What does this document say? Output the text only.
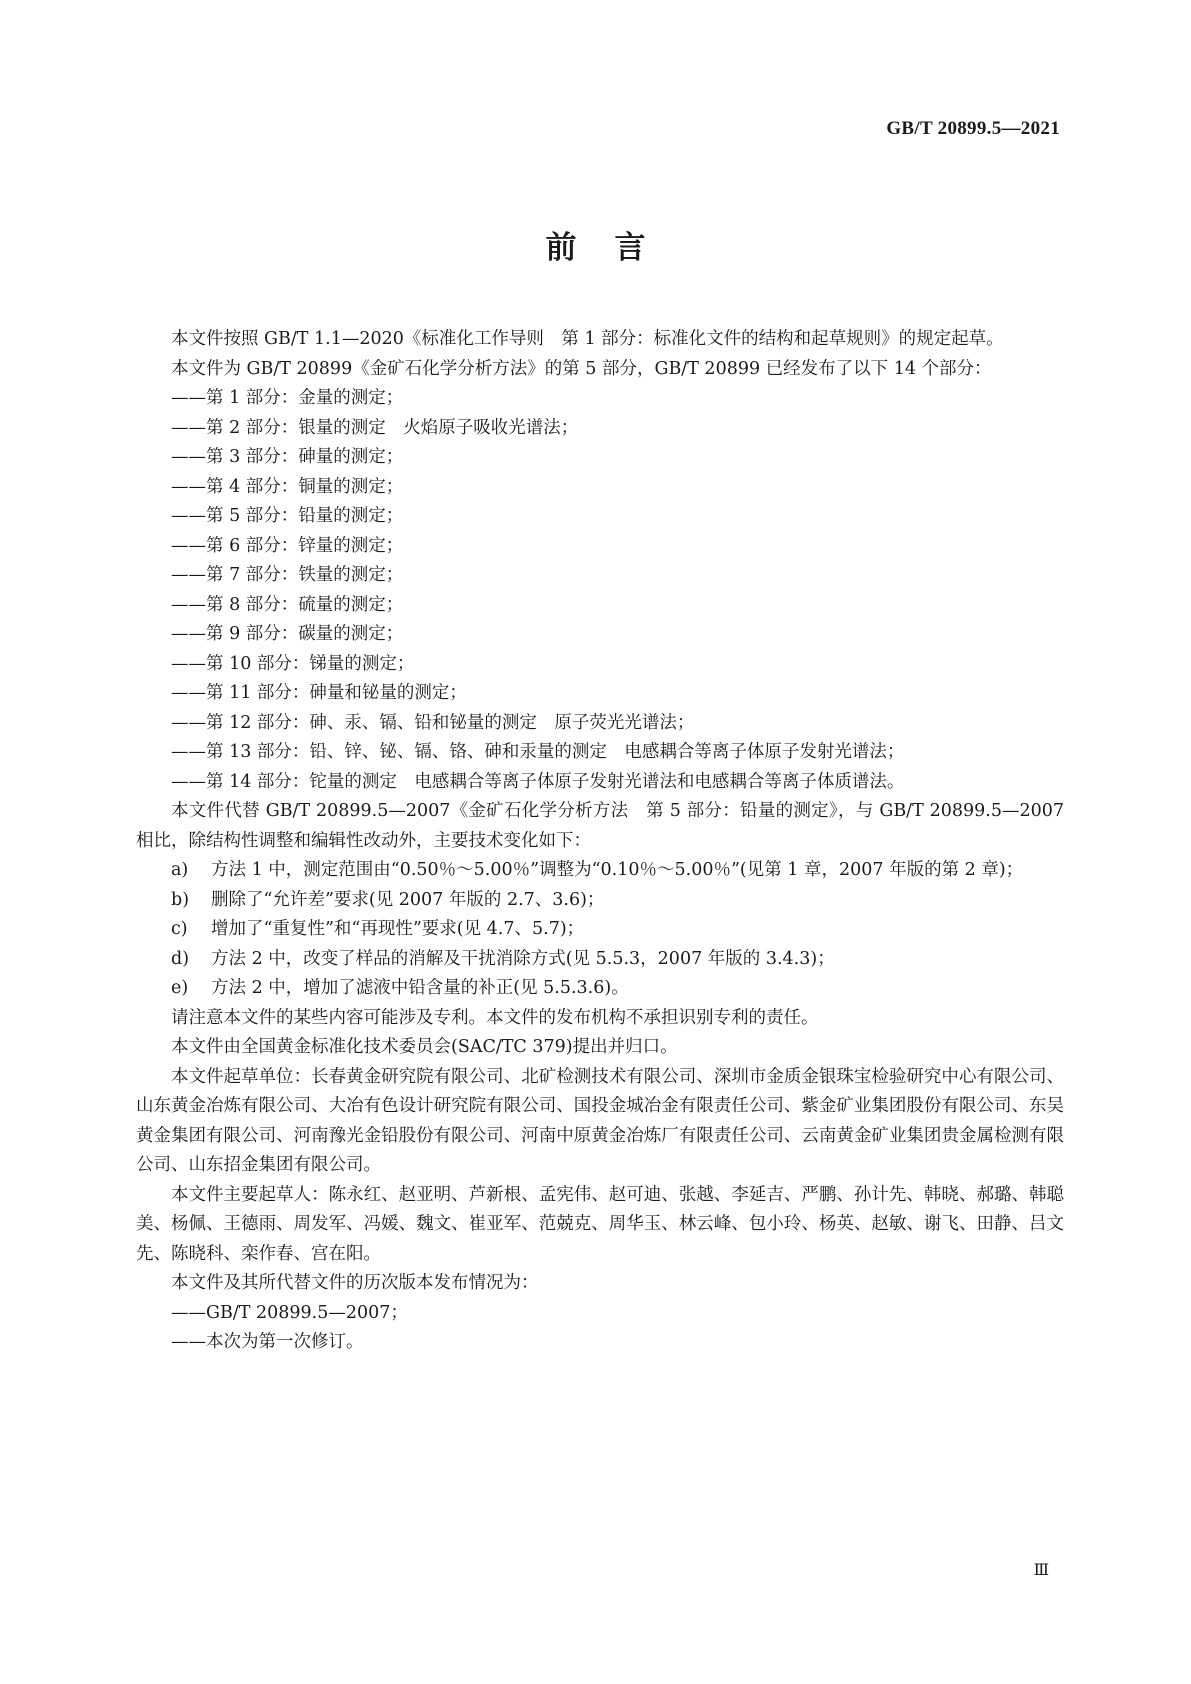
GB/T 20899.5—2021
前言

本文件按照 GB/T 1.1—2020《标准化工作导则　第 1 部分：标准化文件的结构和起草规则》的规定起草。

本文件为 GB/T 20899《金矿石化学分析方法》的第 5 部分，GB/T 20899 已经发布了以下 14 个部分：

——第 1 部分：金量的测定；

——第 2 部分：银量的测定　火焰原子吸收光谱法；

——第 3 部分：砷量的测定；

——第 4 部分：铜量的测定；

——第 5 部分：铅量的测定；

——第 6 部分：锌量的测定；

——第 7 部分：铁量的测定；

——第 8 部分：硫量的测定；

——第 9 部分：碳量的测定；

——第 10 部分：锑量的测定；

——第 11 部分：砷量和铋量的测定；

——第 12 部分：砷、汞、镉、铅和铋量的测定　原子荧光光谱法；

——第 13 部分：铅、锌、铋、镉、铬、砷和汞量的测定　电感耦合等离子体原子发射光谱法；

——第 14 部分：铊量的测定　电感耦合等离子体原子发射光谱法和电感耦合等离子体质谱法。

本文件代替 GB/T 20899.5—2007《金矿石化学分析方法　第 5 部分：铅量的测定》，与 GB/T 20899.5—2007 相比，除结构性调整和编辑性改动外，主要技术变化如下：

a) 方法 1 中，测定范围由“0.50％～5.00％”调整为“0.10％～5.00％”(见第 1 章，2007 年版的第 2 章)；

b) 删除了“允许差”要求(见 2007 年版的 2.7、3.6)；

c) 增加了“重复性”和“再现性”要求(见 4.7、5.7)；

d) 方法 2 中，改变了样品的消解及干扰消除方式(见 5.5.3，2007 年版的 3.4.3)；

e) 方法 2 中，增加了滤液中铅含量的补正(见 5.5.3.6)。

请注意本文件的某些内容可能涉及专利。本文件的发布机构不承担识别专利的责任。

本文件由全国黄金标准化技术委员会(SAC/TC 379)提出并归口。

本文件起草单位：长春黄金研究院有限公司、北矿检测技术有限公司、深圳市金质金银珠宝检验研究中心有限公司、山东黄金冶炼有限公司、大冶有色设计研究院有限公司、国投金城冶金有限责任公司、紫金矿业集团股份有限公司、东吴黄金集团有限公司、河南豫光金铅股份有限公司、河南中原黄金冶炼厂有限责任公司、云南黄金矿业集团贵金属检测有限公司、山东招金集团有限公司。

本文件主要起草人：陈永红、赵亚明、芦新根、孟宪伟、赵可迪、张越、李延吉、严鹏、孙计先、韩晓、郝璐、韩聪美、杨佩、王德雨、周发军、冯媛、魏文、崔亚军、范兢克、周华玉、林云峰、包小玲、杨英、赵敏、谢飞、田静、吕文先、陈晓科、栾作春、宫在阳。

本文件及其所代替文件的历次版本发布情况为：

——GB/T 20899.5—2007；

——本次为第一次修订。

Ⅲ
